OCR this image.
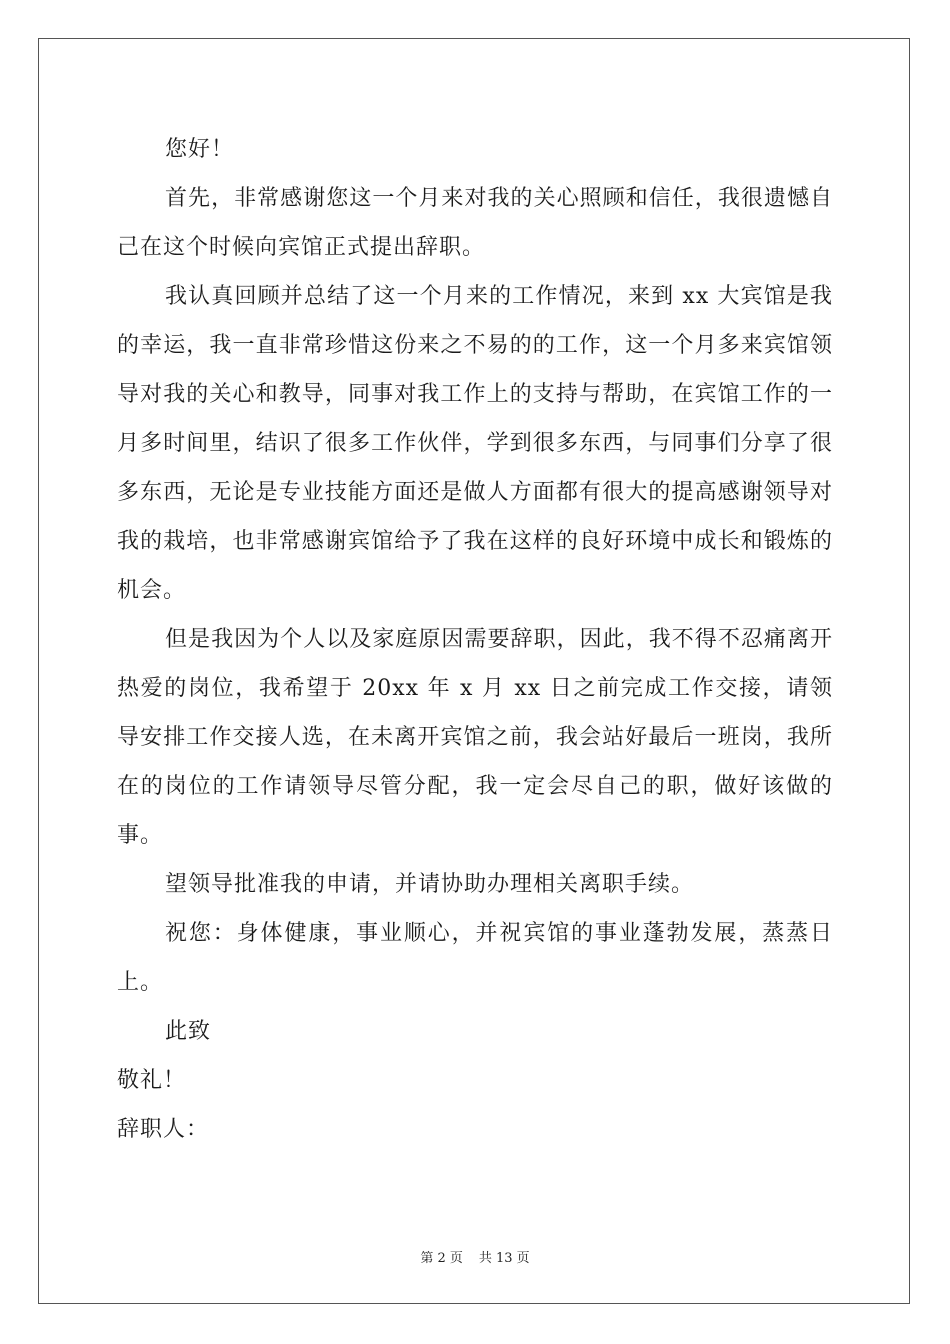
您好！

首先，非常感谢您这一个月来对我的关心照顾和信任，我很遗憾自己在这个时候向宾馆正式提出辞职。

我认真回顾并总结了这一个月来的工作情况，来到 xx 大宾馆是我的幸运，我一直非常珍惜这份来之不易的的工作，这一个月多来宾馆领导对我的关心和教导，同事对我工作上的支持与帮助，在宾馆工作的一月多时间里，结识了很多工作伙伴，学到很多东西，与同事们分享了很多东西，无论是专业技能方面还是做人方面都有很大的提高感谢领导对我的栽培，也非常感谢宾馆给予了我在这样的良好环境中成长和锻炼的机会。

但是我因为个人以及家庭原因需要辞职，因此，我不得不忍痛离开热爱的岗位，我希望于 20xx 年 x 月 xx 日之前完成工作交接，请领导安排工作交接人选，在未离开宾馆之前，我会站好最后一班岗，我所在的岗位的工作请领导尽管分配，我一定会尽自己的职，做好该做的事。

望领导批准我的申请，并请协助办理相关离职手续。

祝您：身体健康，事业顺心，并祝宾馆的事业蓬勃发展，蒸蒸日上。

此致

敬礼！

辞职人：

第 2 页 共 13 页
